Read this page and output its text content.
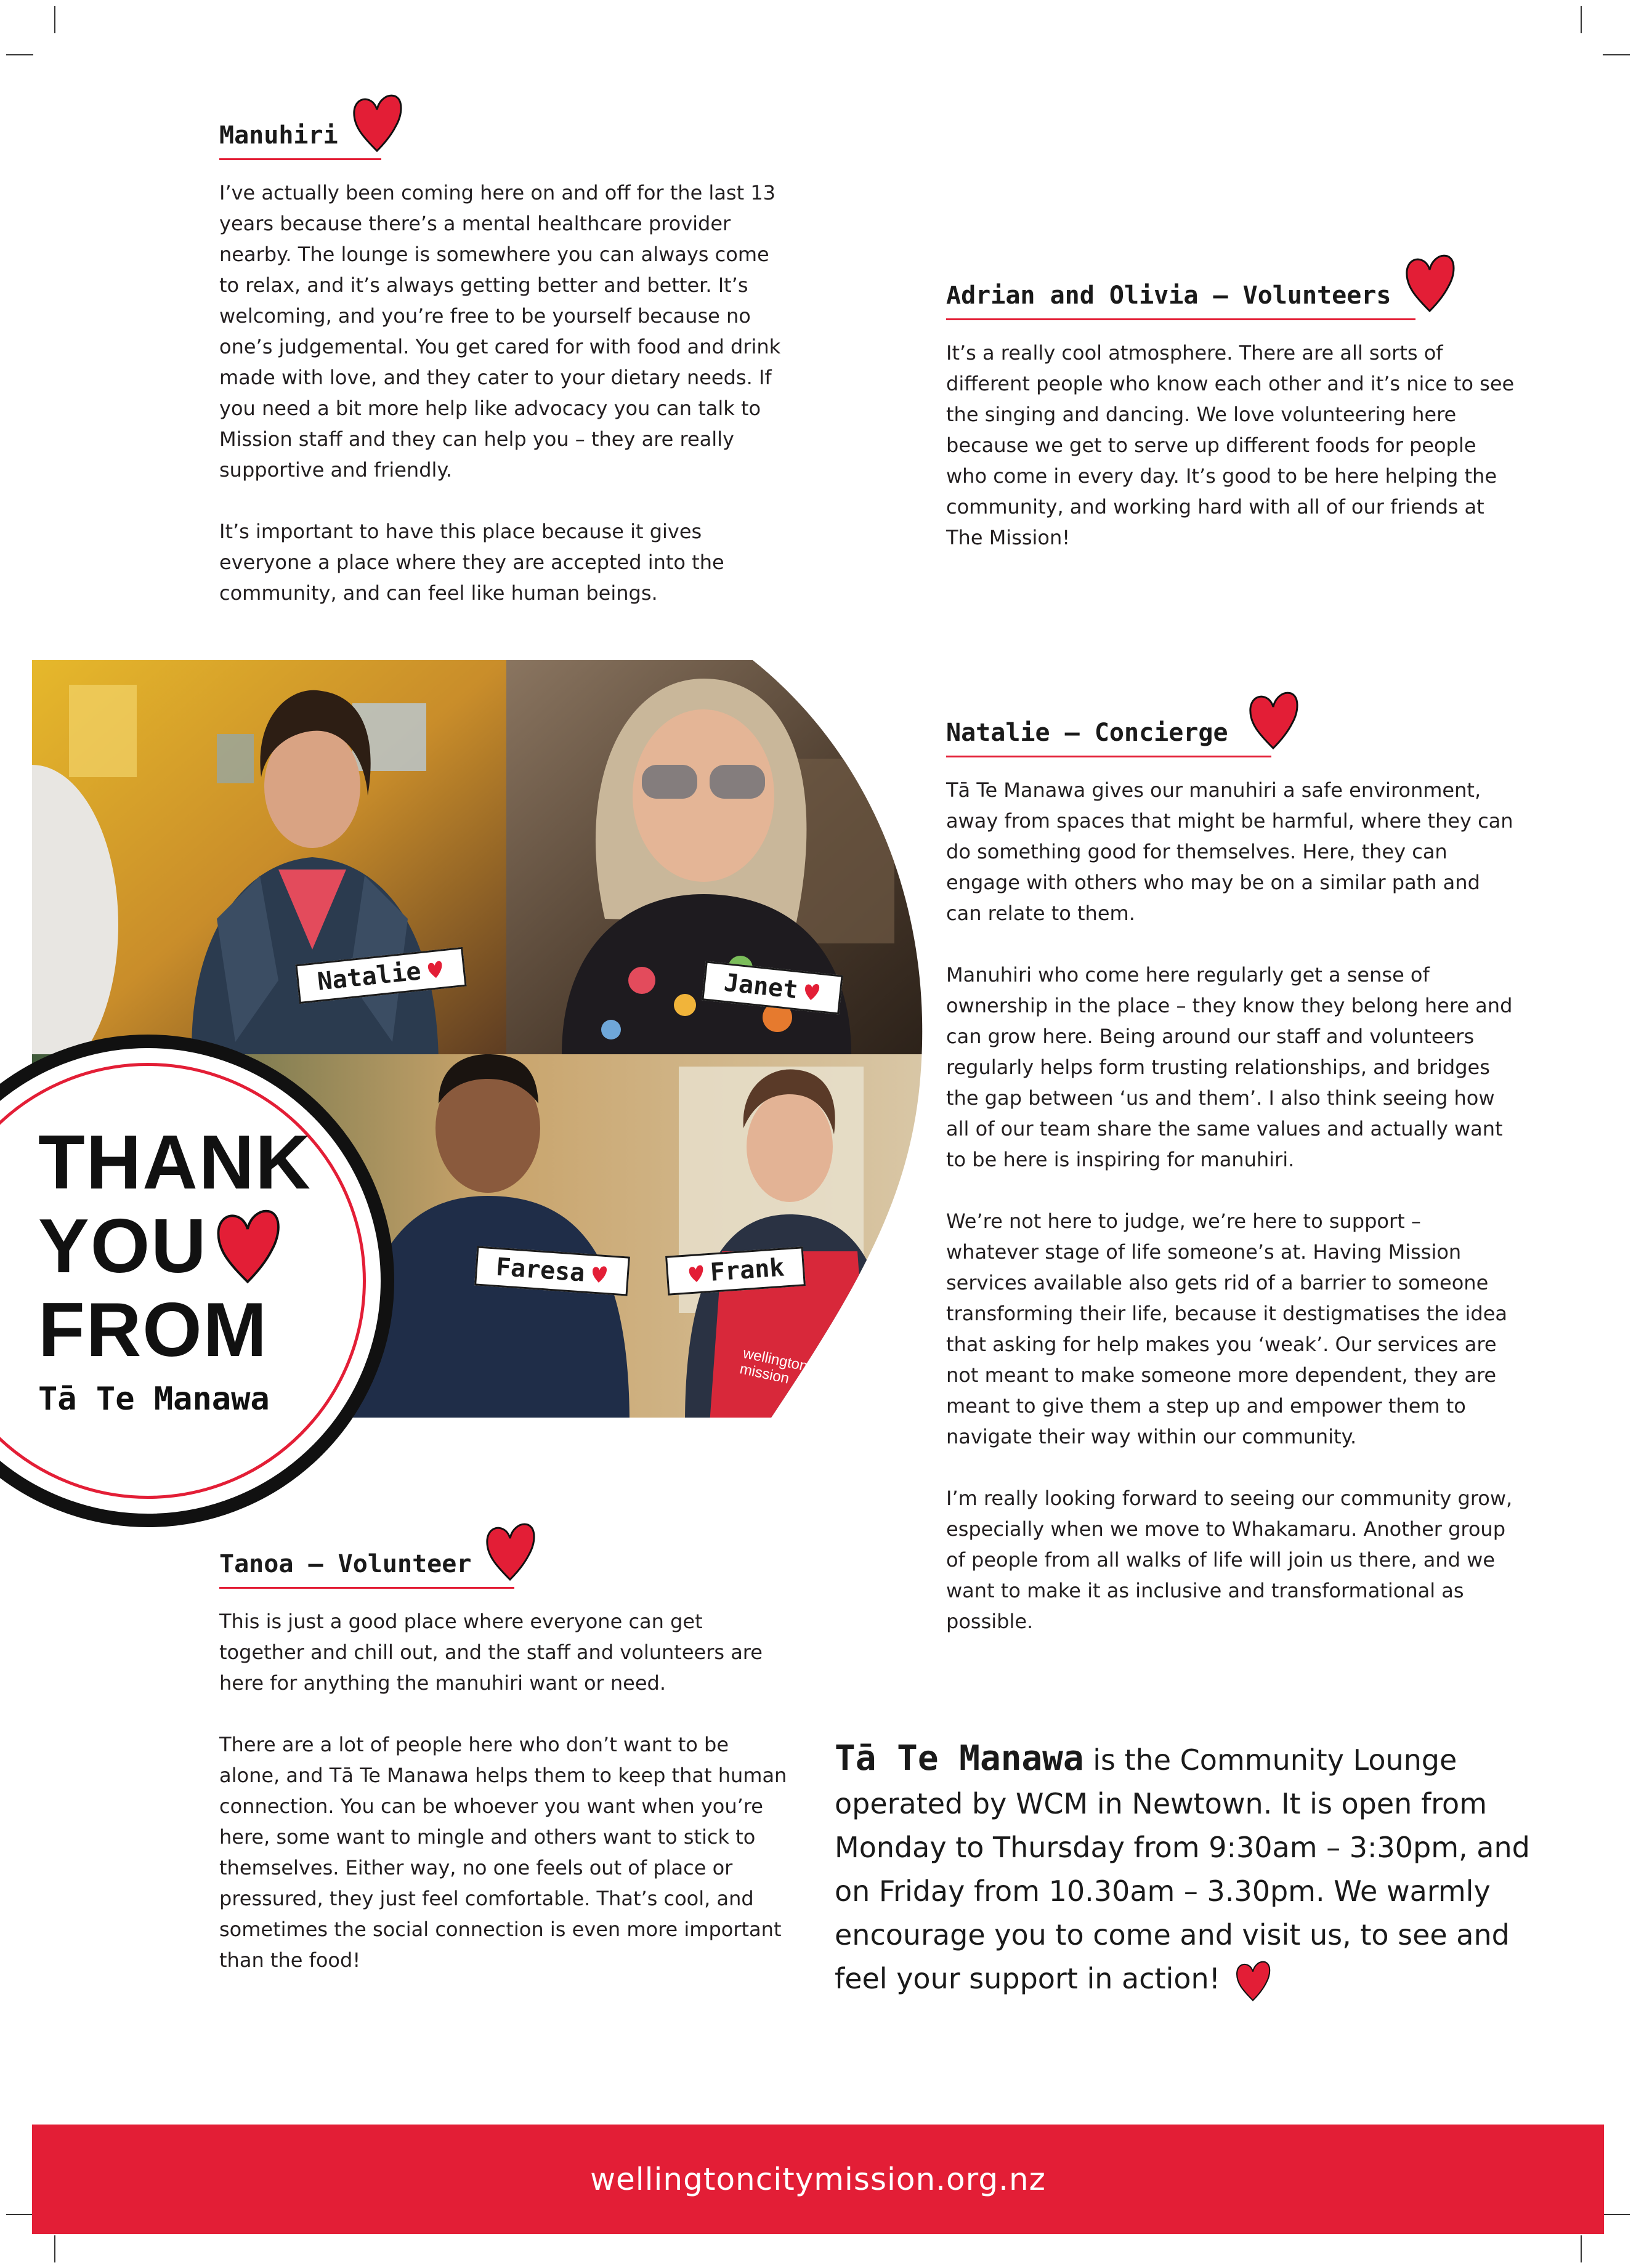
Manuhiri

I’ve actually been coming here on and off for the last 13 years because there’s a mental healthcare provider nearby. The lounge is somewhere you can always come to relax, and it’s always getting better and better. It’s welcoming, and you’re free to be yourself because no one’s judgemental. You get cared for with food and drink made with love, and they cater to your dietary needs. If you need a bit more help like advocacy you can talk to Mission staff and they can help you – they are really supportive and friendly.

It’s important to have this place because it gives everyone a place where they are accepted into the community, and can feel like human beings.

Adrian and Olivia — Volunteers

It’s a really cool atmosphere. There are all sorts of different people who know each other and it’s nice to see the singing and dancing. We love volunteering here because we get to serve up different foods for people who come in every day. It’s good to be here helping the community, and working hard with all of our friends at The Mission!

Natalie — Concierge

Tā Te Manawa gives our manuhiri a safe environment, away from spaces that might be harmful, where they can do something good for themselves. Here, they can engage with others who may be on a similar path and can relate to them.

Manuhiri who come here regularly get a sense of ownership in the place – they know they belong here and can grow here. Being around our staff and volunteers regularly helps form trusting relationships, and bridges the gap between ‘us and them’. I also think seeing how all of our team share the same values and actually want to be here is inspiring for manuhiri.

We’re not here to judge, we’re here to support – whatever stage of life someone’s at. Having Mission services available also gets rid of a barrier to someone transforming their life, because it destigmatises the idea that asking for help makes you ‘weak’. Our services are not meant to make someone more dependent, they are meant to give them a step up and empower them to navigate their way within our community.

I’m really looking forward to seeing our community grow, especially when we move to Whakamaru. Another group of people from all walks of life will join us there, and we want to make it as inclusive and transformational as possible.

Natalie	Janet
Faresa	Frank
wellington city mission
THANK
YOU
FROM
Tā Te Manawa
Tanoa — Volunteer

This is just a good place where everyone can get together and chill out, and the staff and volunteers are here for anything the manuhiri want or need.

There are a lot of people here who don’t want to be alone, and Tā Te Manawa helps them to keep that human connection. You can be whoever you want when you’re here, some want to mingle and others want to stick to themselves. Either way, no one feels out of place or pressured, they just feel comfortable. That’s cool, and sometimes the social connection is even more important than the food!

Tā Te Manawa is the Community Lounge operated by WCM in Newtown. It is open from Monday to Thursday from 9:30am – 3:30pm, and on Friday from 10.30am – 3.30pm. We warmly encourage you to come and visit us, to see and feel your support in action!
wellingtoncitymission.org.nz
